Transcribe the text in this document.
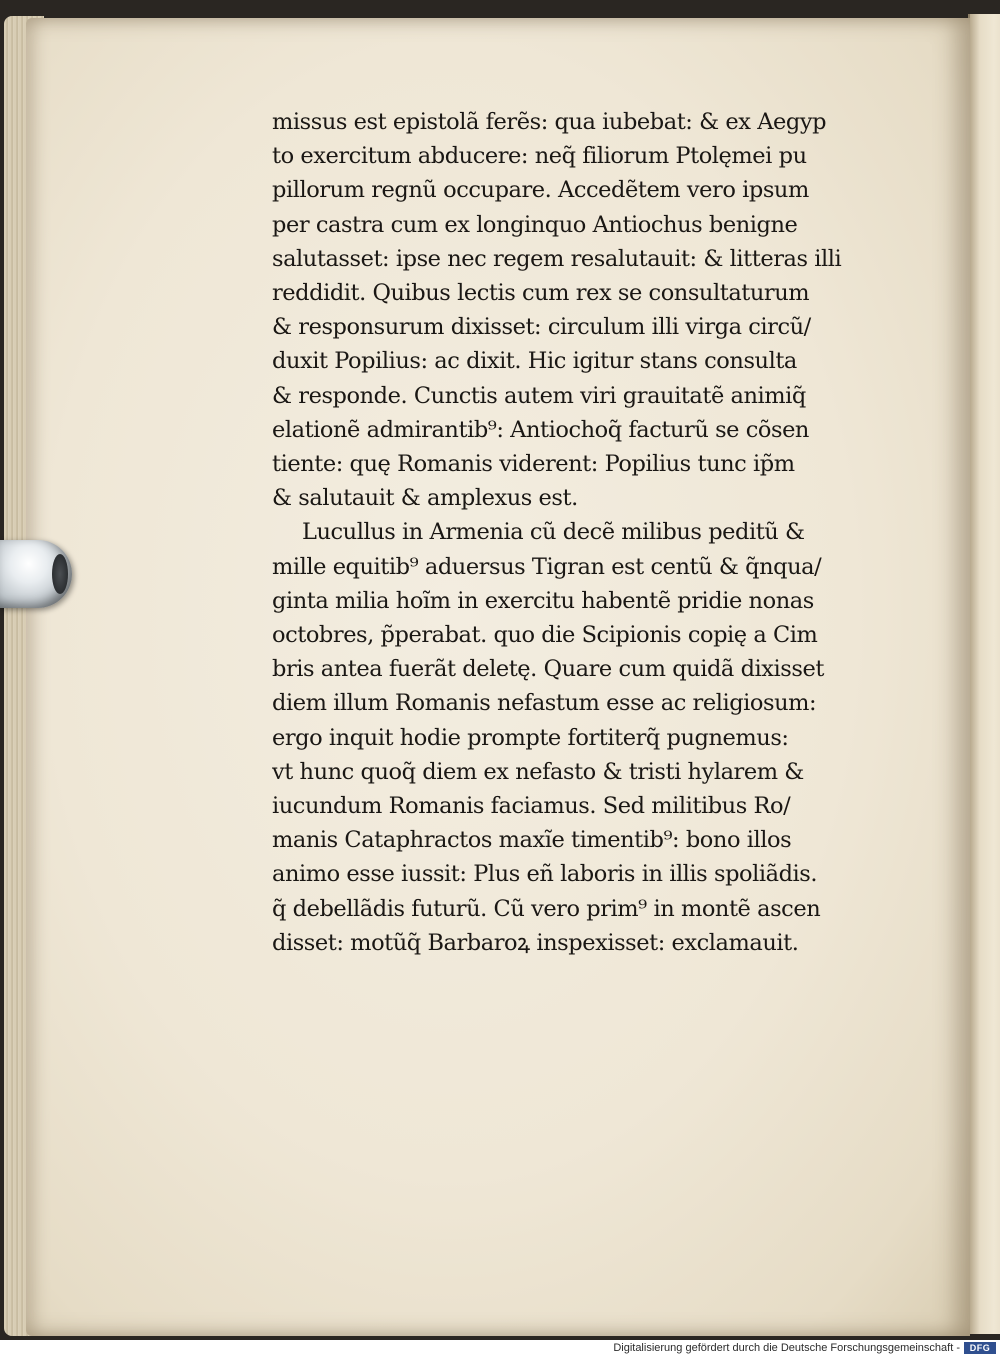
missus est epistolã ferẽs: qua iubebat: & ex Aegyp
to exercitum abducere: neq̃ filiorum Ptolęmei pu
pillorum regnũ occupare. Accedẽtem vero ipsum
per castra cum ex longinquo Antiochus benigne
salutasset: ipse nec regem resalutauit: & litteras illi
reddidit. Quibus lectis cum rex se consultaturum
& responsurum dixisset: circulum illi virga circũ/
duxit Popilius: ac dixit. Hic igitur stans consulta
& responde. Cunctis autem viri grauitatẽ animiq̃
elationẽ admirantib⁹: Antiochoq̃ facturũ se cõsen
tiente: quę Romanis viderent: Popilius tunc ip̃m
& salutauit & amplexus est.
Lucullus in Armenia cũ decẽ milibus peditũ &
mille equitib⁹ aduersus Tigran est centũ & q̃nqua/
ginta milia hoĩm in exercitu habentẽ pridie nonas
octobres, p̃perabat. quo die Scipionis copię a Cim
bris antea fuerãt deletę. Quare cum quidã dixisset
diem illum Romanis nefastum esse ac religiosum:
ergo inquit hodie prompte fortiterq̃ pugnemus:
vt hunc quoq̃ diem ex nefasto & tristi hylarem &
iucundum Romanis faciamus. Sed militibus Ro/
manis Cataphractos maxĩe timentib⁹: bono illos
animo esse iussit: Plus eñ laboris in illis spoliãdis.
q̃ debellãdis futurũ. Cũ vero prim⁹ in montẽ ascen
disset: motũq̃ Barbaroꝝ inspexisset: exclamauit.
Digitalisierung gefördert durch die Deutsche Forschungsgemeinschaft -	DFG
